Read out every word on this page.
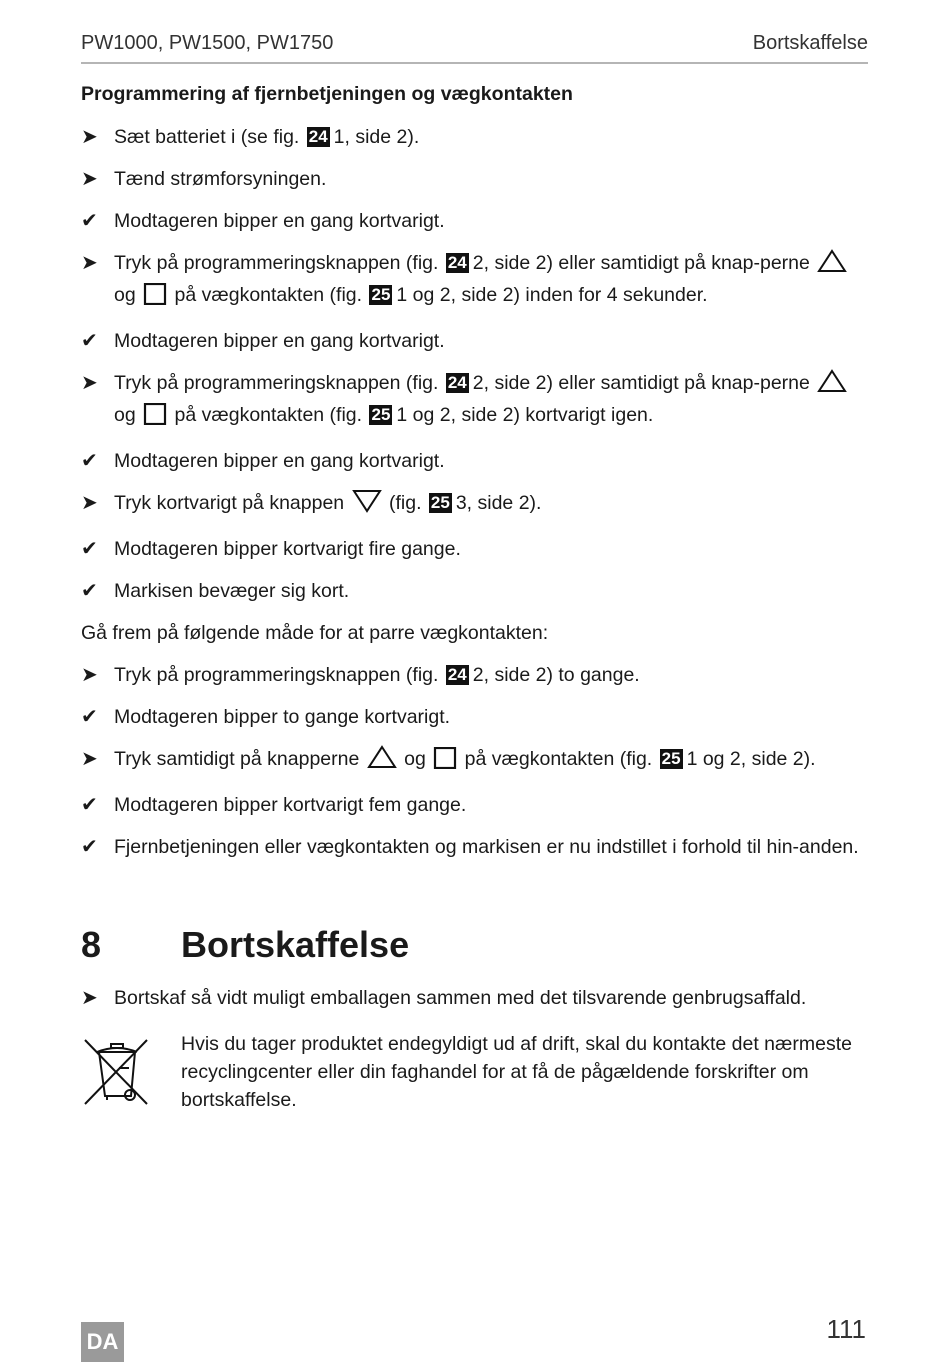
PW1000, PW1500, PW1750	Bortskaffelse
Programmering af fjernbetjeningen og vægkontakten
➤ Sæt batteriet i (se fig. 24 1, side 2).
➤ Tænd strømforsyningen.
✔ Modtageren bipper en gang kortvarigt.
➤ Tryk på programmeringsknappen (fig. 24 2, side 2) eller samtidigt på knap-perne  og  på vægkontakten (fig. 25 1 og 2, side 2) inden for 4 sekunder.
✔ Modtageren bipper en gang kortvarigt.
➤ Tryk på programmeringsknappen (fig. 24 2, side 2) eller samtidigt på knap-perne  og  på vægkontakten (fig. 25 1 og 2, side 2) kortvarigt igen.
✔ Modtageren bipper en gang kortvarigt.
➤ Tryk kortvarigt på knappen  (fig. 25 3, side 2).
✔ Modtageren bipper kortvarigt fire gange.
✔ Markisen bevæger sig kort.
Gå frem på følgende måde for at parre vægkontakten:
➤ Tryk på programmeringsknappen (fig. 24 2, side 2) to gange.
✔ Modtageren bipper to gange kortvarigt.
➤ Tryk samtidigt på knapperne  og  på vægkontakten (fig. 25 1 og 2, side 2).
✔ Modtageren bipper kortvarigt fem gange.
✔ Fjernbetjeningen eller vægkontakten og markisen er nu indstillet i forhold til hin-anden.
8 Bortskaffelse
➤ Bortskaf så vidt muligt emballagen sammen med det tilsvarende genbrugsaffald.
Hvis du tager produktet endegyldigt ud af drift, skal du kontakte det nærmeste recyclingcenter eller din faghandel for at få de pågældende forskrifter om bortskaffelse.
111
DA
